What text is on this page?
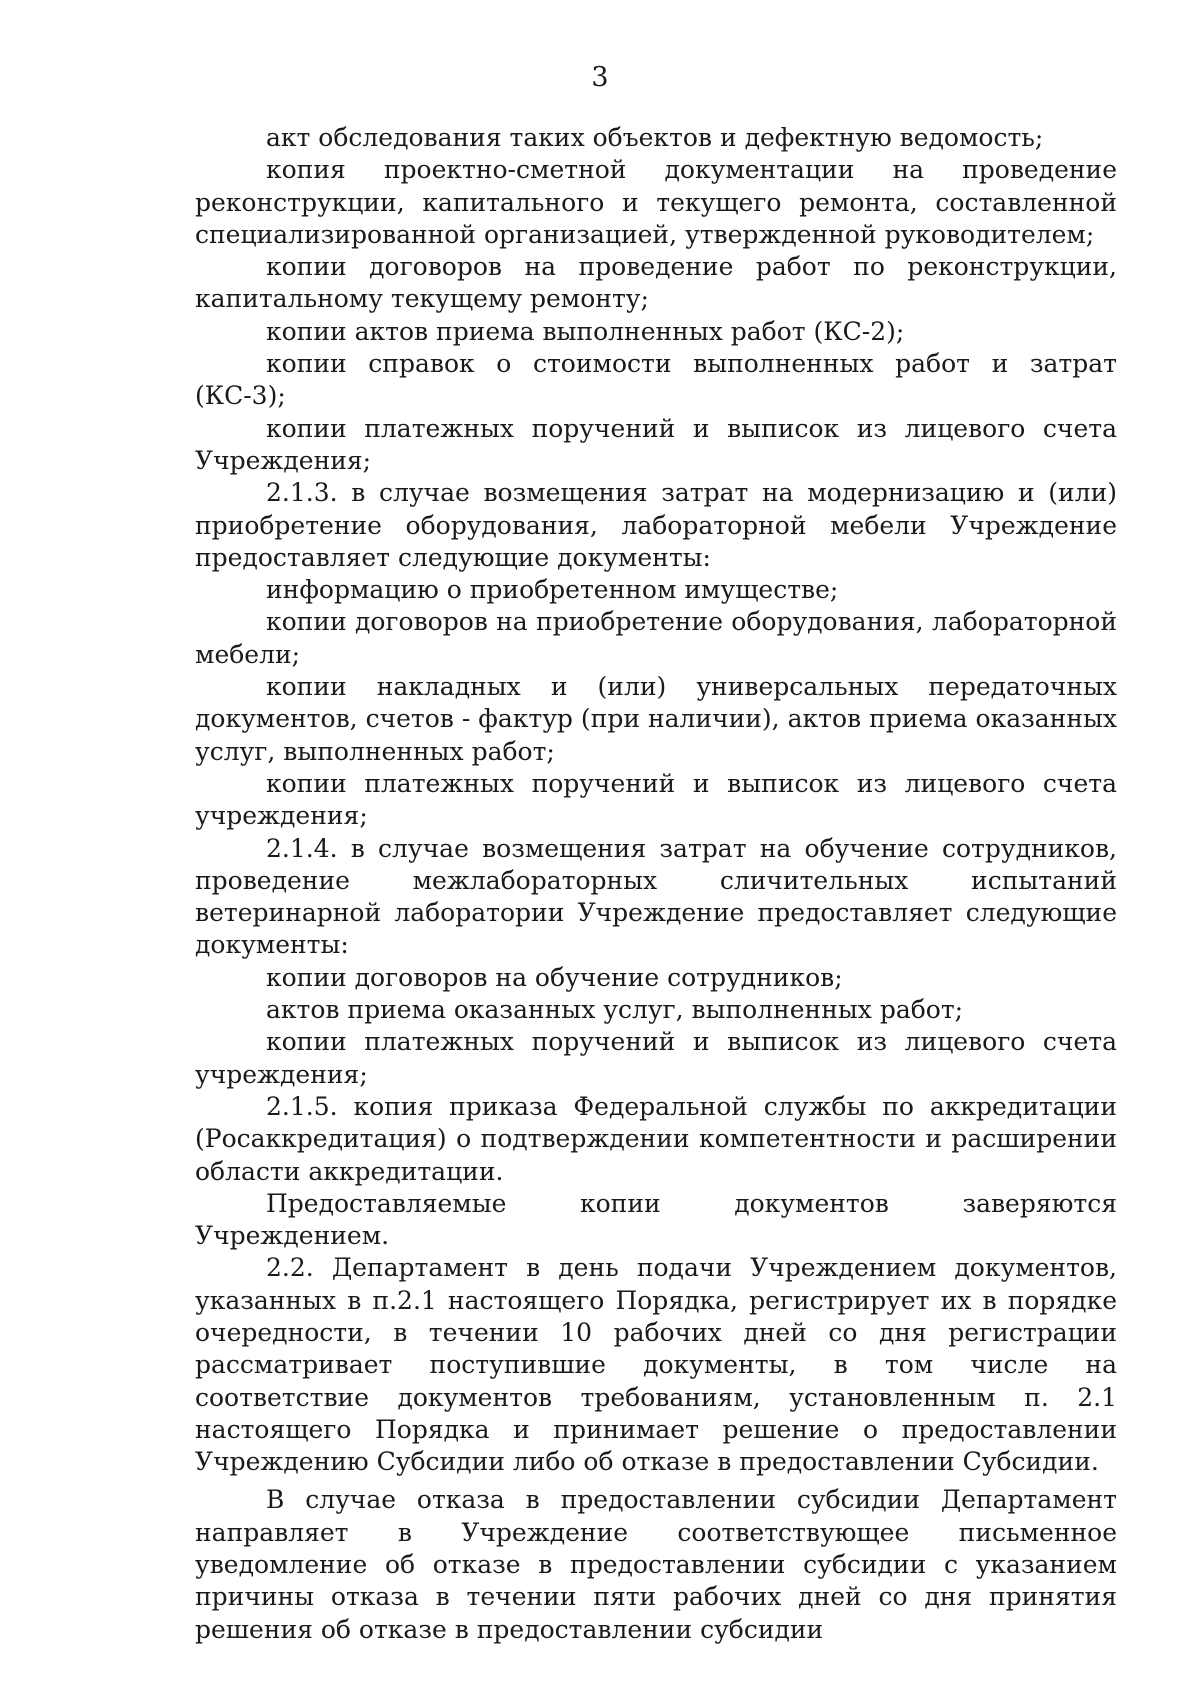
3

акт обследования таких объектов и дефектную ведомость;

копия проектно-сметной документации на проведение реконструкции, капитального и текущего ремонта, составленной специализированной организацией, утвержденной руководителем;

копии договоров на проведение работ по реконструкции, капитальному текущему ремонту;

копии актов приема выполненных работ (КС-2);

копии справок о стоимости выполненных работ и затрат (КС-3);

копии платежных поручений и выписок из лицевого счета Учреждения;

2.1.3. в случае возмещения затрат на модернизацию и (или) приобретение оборудования, лабораторной мебели Учреждение предоставляет следующие документы:

информацию о приобретенном имуществе;

копии договоров на приобретение оборудования, лабораторной мебели;

копии накладных и (или) универсальных передаточных документов, счетов - фактур (при наличии), актов приема оказанных услуг, выполненных работ;

копии платежных поручений и выписок из лицевого счета учреждения;

2.1.4. в случае возмещения затрат на обучение сотрудников, проведение межлабораторных сличительных испытаний ветеринарной лаборатории Учреждение предоставляет следующие документы:

копии договоров на обучение сотрудников;

актов приема оказанных услуг, выполненных работ;

копии платежных поручений и выписок из лицевого счета учреждения;

2.1.5. копия приказа Федеральной службы по аккредитации (Росаккредитация) о подтверждении компетентности и расширении области аккредитации.

Предоставляемые копии документов заверяются Учреждением.

2.2. Департамент в день подачи Учреждением документов, указанных в п.2.1 настоящего Порядка, регистрирует их в порядке очередности, в течении 10 рабочих дней со дня регистрации рассматривает поступившие документы, в том числе на соответствие документов требованиям, установленным п. 2.1 настоящего Порядка и принимает решение о предоставлении Учреждению Субсидии либо об отказе в предоставлении Субсидии.

В случае отказа в предоставлении субсидии Департамент направляет в Учреждение соответствующее письменное уведомление об отказе в предоставлении субсидии с указанием причины отказа в течении пяти рабочих дней со дня принятия решения об отказе в предоставлении субсидии
